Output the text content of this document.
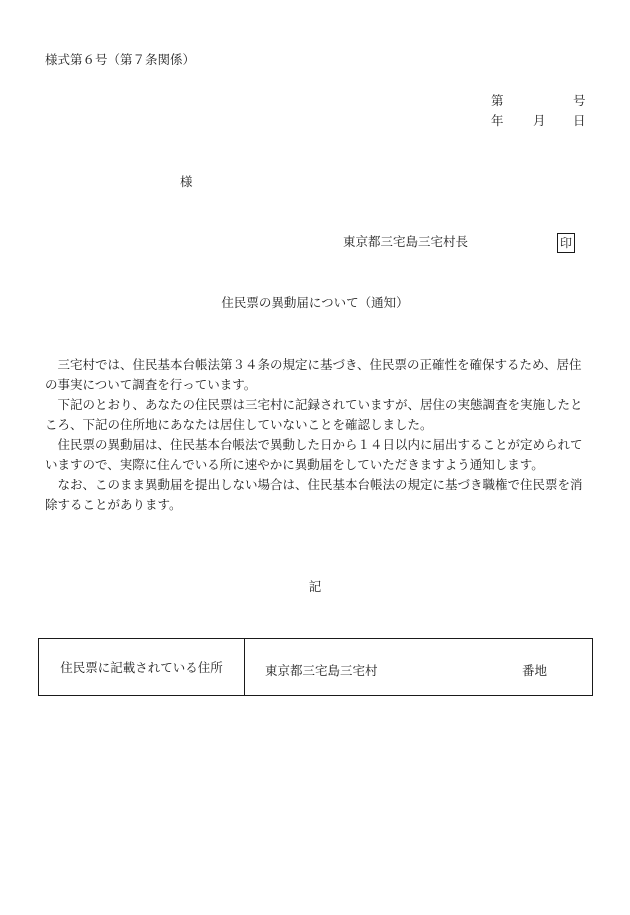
様式第６号（第７条関係）
第	号
年 月 日
様
東京都三宅島三宅村長	印
住民票の異動届について（通知）

三宅村では、住民基本台帳法第３４条の規定に基づき、住民票の正確性を確保するため、居住の事実について調査を行っています。

下記のとおり、あなたの住民票は三宅村に記録されていますが、居住の実態調査を実施したところ、下記の住所地にあなたは居住していないことを確認しました。

住民票の異動届は、住民基本台帳法で異動した日から１４日以内に届出することが定められていますので、実際に住んでいる所に速やかに異動届をしていただきますよう通知します。

なお、このまま異動届を提出しない場合は、住民基本台帳法の規定に基づき職権で住民票を消除することがあります。

記
住民票に記載されている住所	東京都三宅島三宅村	番地
